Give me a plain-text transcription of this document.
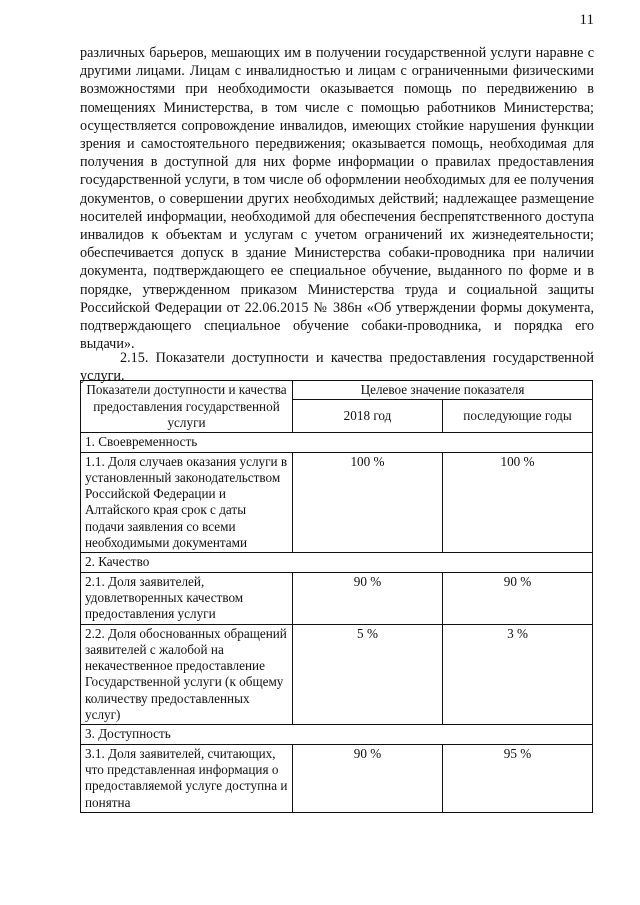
11

различных барьеров, мешающих им в получении государственной услуги наравне с другими лицами. Лицам с инвалидностью и лицам с ограниченными физическими возможностями при необходимости оказывается помощь по передвижению в помещениях Министерства, в том числе с помощью работников Министерства; осуществляется сопровождение инвалидов, имеющих стойкие нарушения функции зрения и самостоятельного передвижения; оказывается помощь, необходимая для получения в доступной для них форме информации о правилах предоставления государственной услуги, в том числе об оформлении необходимых для ее получения документов, о совершении других необходимых действий; надлежащее размещение носителей информации, необходимой для обеспечения беспрепятственного доступа инвалидов к объектам и услугам с учетом ограничений их жизнедеятельности; обеспечивается допуск в здание Министерства собаки-проводника при наличии документа, подтверждающего ее специальное обучение, выданного по форме и в порядке, утвержденном приказом Министерства труда и социальной защиты Российской Федерации от 22.06.2015 № 386н «Об утверждении формы документа, подтверждающего специальное обучение собаки-проводника, и порядка его выдачи».

2.15. Показатели доступности и качества предоставления государственной услуги.

Показатели доступности и качества предоставления государственной услуги	Целевое значение показателя	
	2018 год	последующие годы
1. Своевременность		
1.1. Доля случаев оказания услуги в установленный законодательством Российской Федерации и Алтайского края срок с даты подачи заявления со всеми необходимыми документами	100 %	100 %
2. Качество		
2.1. Доля заявителей, удовлетворенных качеством предоставления услуги	90 %	90 %
2.2. Доля обоснованных обращений заявителей с жалобой на некачественное предоставление Государственной услуги (к общему количеству предоставленных услуг)	5 %	3 %
3. Доступность		
3.1. Доля заявителей, считающих, что представленная информация о предоставляемой услуге доступна и понятна	90 %	95 %
